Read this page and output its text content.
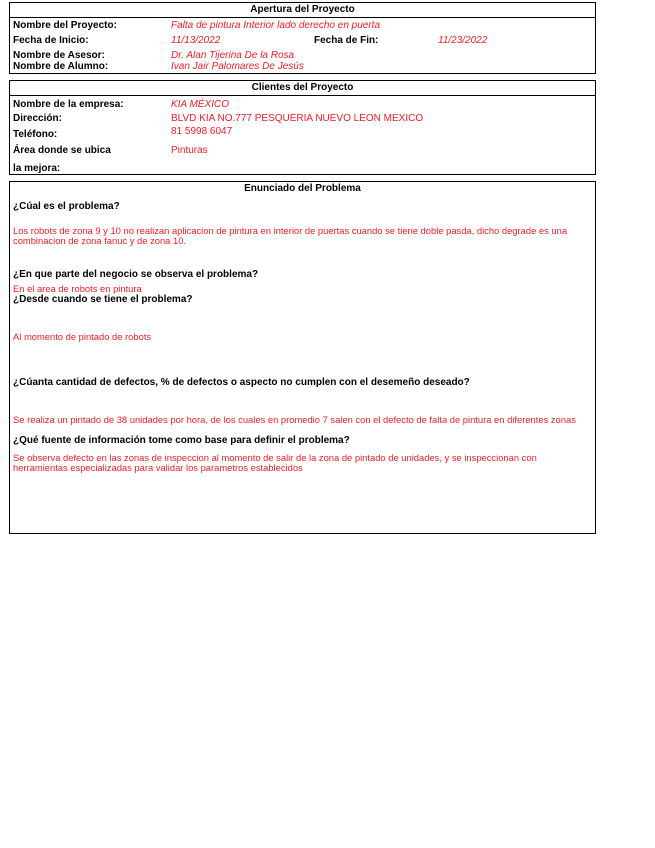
Apertura del Proyecto
Nombre del Proyecto:	Falta de pintura Interior lado derecho en puerta
Fecha de Inicio:	11/13/2022	Fecha de Fin:	11/23/2022
Nombre de Asesor:	Dr. Alan Tijerina De la Rosa
Nombre de Alumno:	Ivan Jair Palomares De Jesús
Clientes del Proyecto
Nombre de la empresa:	KIA MÉXICO
Dirección:	BLVD KIA NO.777 PESQUERIA NUEVO LEON MEXICO
Teléfono:	81 5998 6047
Área donde se ubica	Pinturas
la mejora:
Enunciado del Problema
¿Cúal es el problema?
Los robots de zona 9 y 10 no realizan aplicacion de pintura en interior de puertas cuando se tiene doble pasda, dicho degrade es una combinacion de zona fanuc y de zona 10.
¿En que parte del negocio se observa el problema?
En el area de robots en pintura
¿Desde cuando se tiene el problema?
Al momento de pintado de robots
¿Cúanta cantidad de defectos, % de defectos o aspecto no cumplen con el desemeño deseado?
Se realiza un pintado de 38 unidades por hora, de los cuales en promedio 7 salen con el defecto de falta de pintura en diferentes zonas
¿Qué fuente de información tome como base para definir el problema?
Se observa defecto en las zonas de inspeccion al momento de salir de la zona de pintado de unidades, y se inspeccionan con herramientas especializadas para validar los parametros establecidos
